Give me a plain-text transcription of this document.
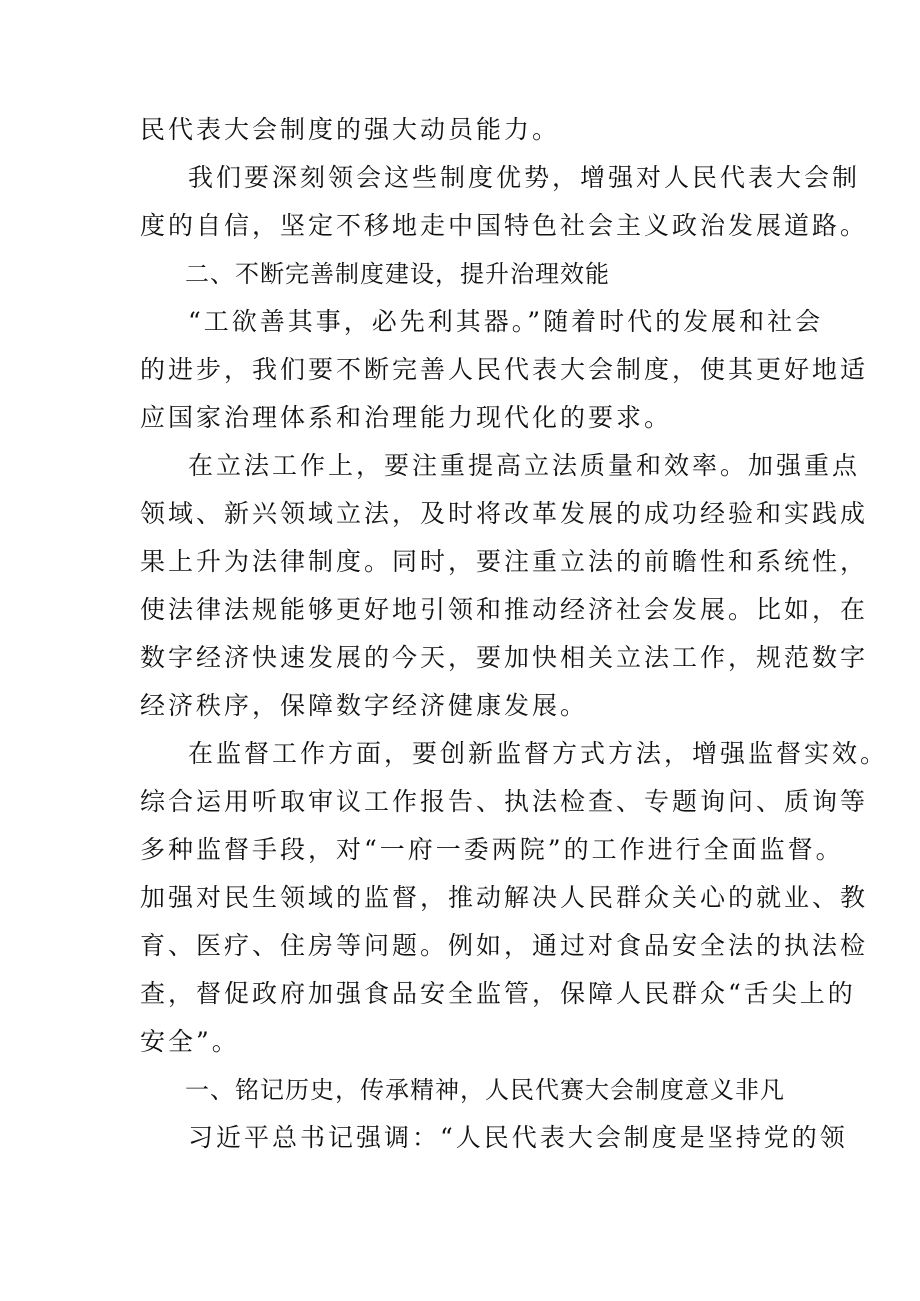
民代表大会制度的强大动员能力。
我们要深刻领会这些制度优势，增强对人民代表大会制
度的自信，坚定不移地走中国特色社会主义政治发展道路。
二、不断完善制度建设，提升治理效能
“工欲善其事，必先利其器。”随着时代的发展和社会
的进步，我们要不断完善人民代表大会制度，使其更好地适
应国家治理体系和治理能力现代化的要求。
在立法工作上，要注重提高立法质量和效率。加强重点
领域、新兴领域立法，及时将改革发展的成功经验和实践成
果上升为法律制度。同时，要注重立法的前瞻性和系统性，
使法律法规能够更好地引领和推动经济社会发展。比如，在
数字经济快速发展的今天，要加快相关立法工作，规范数字
经济秩序，保障数字经济健康发展。
在监督工作方面，要创新监督方式方法，增强监督实效。
综合运用听取审议工作报告、执法检查、专题询问、质询等
多种监督手段，对“一府一委两院”的工作进行全面监督。
加强对民生领域的监督，推动解决人民群众关心的就业、教
育、医疗、住房等问题。例如，通过对食品安全法的执法检
查，督促政府加强食品安全监管，保障人民群众“舌尖上的
安全”。
一、铭记历史，传承精神，人民代赛大会制度意义非凡
习近平总书记强调：“人民代表大会制度是坚持党的领
